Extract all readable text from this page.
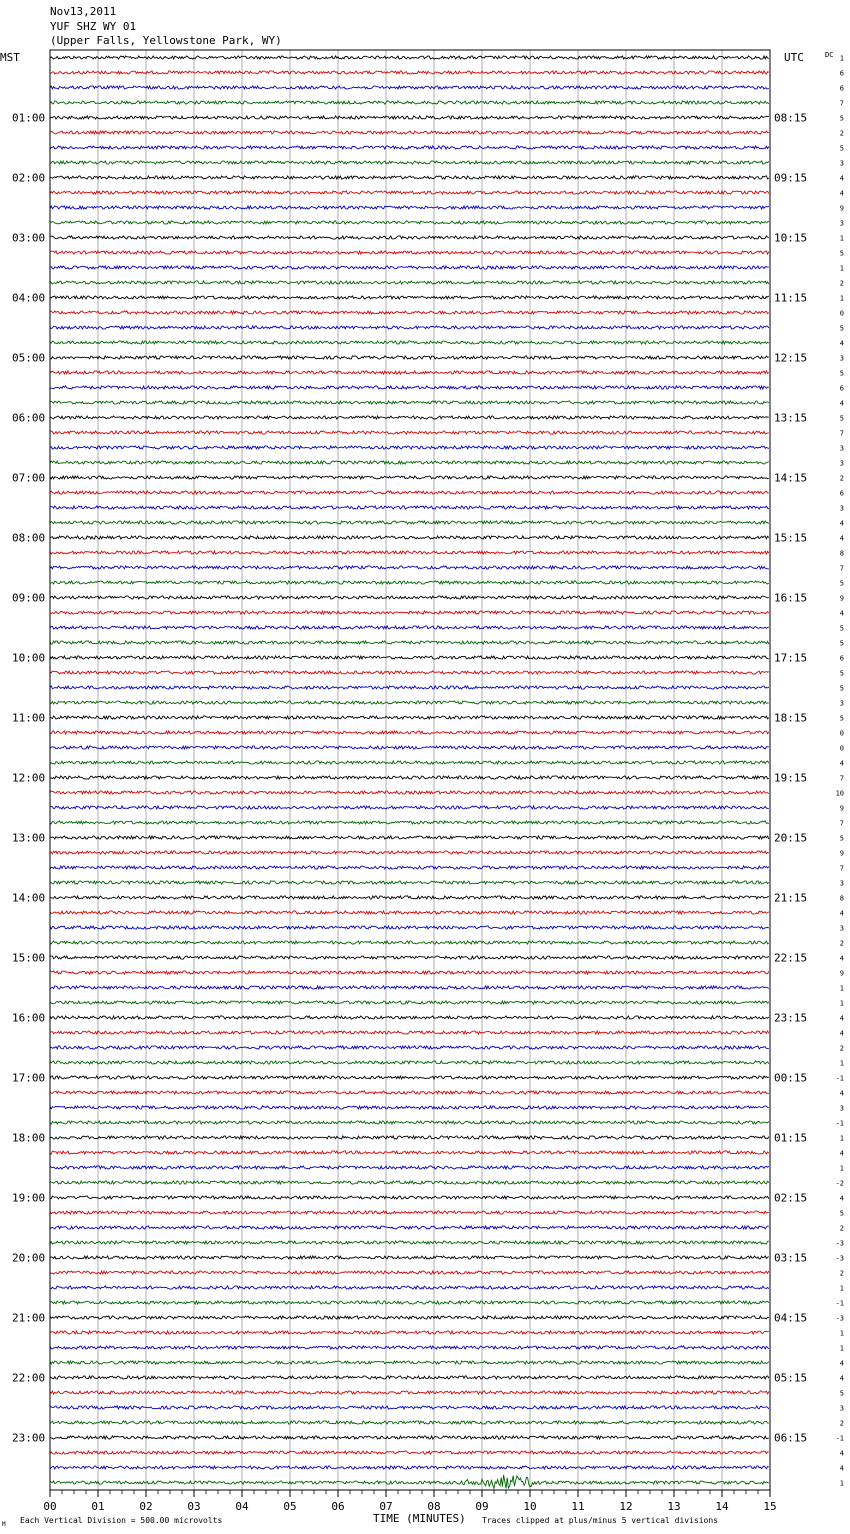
Nov13,2011
YUF SHZ WY 01
(Upper Falls, Yellowstone Park, WY)
MST	UTC	DC
01:00
02:00
03:00
04:00
05:00
06:00
07:00
08:00
09:00
10:00
11:00
12:00
13:00
14:00
15:00
16:00
17:00
18:00
19:00
20:00
21:00
22:00
23:00
08:15
09:15
10:15
11:15
12:15
13:15
14:15
15:15
16:15
17:15
18:15
19:15
20:15
21:15
22:15
23:15
00:15
01:15
02:15
03:15
04:15
05:15
06:15
1
6
6
7
5
2
5
3
4
4
9
3
1
5
1
2
1
0
5
4
3
5
6
4
5
7
3
3
2
6
3
4
4
8
7
5
9
4
5
5
6
5
5
3
5
0
0
4
7
10
9
7
5
9
7
3
8
4
3
2
4
9
1
1
4
4
2
1
-1
4
3
-1
1
4
1
-2
4
5
2
-3
-3
2
1
-1
-3
1
1
4
4
5
3
2
-1
4
4
1
00	01	02	03	04	05	06	07	08	09	10	11	12	13	14	15
M Each Vertical Division = 500.00 microvolts	TIME (MINUTES) Traces clipped at plus/minus 5 vertical divisions
